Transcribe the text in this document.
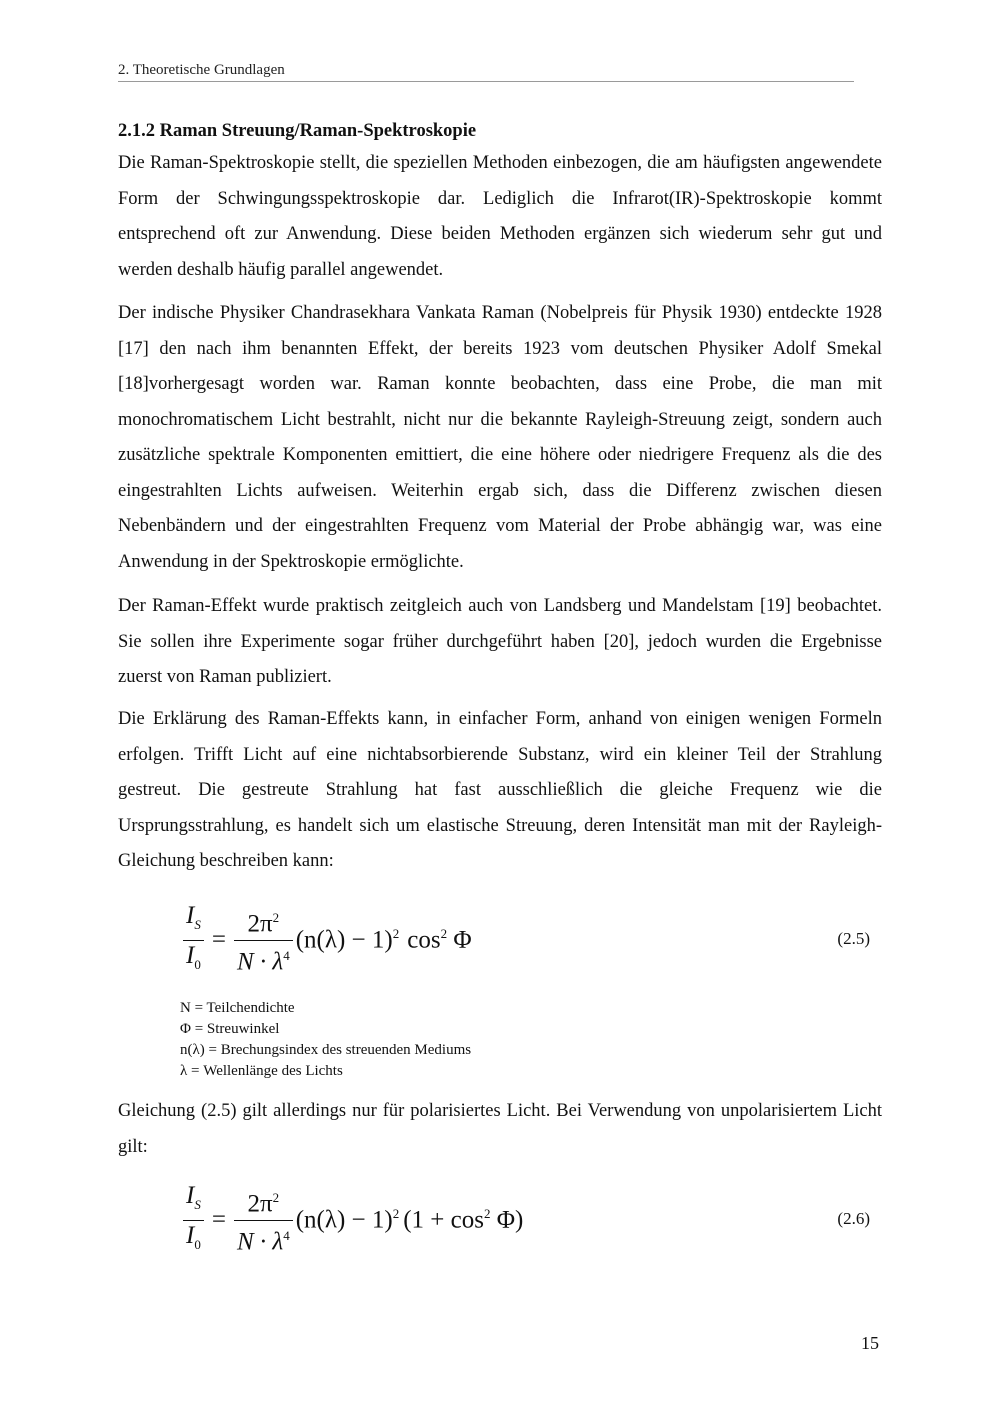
2. Theoretische Grundlagen
2.1.2 Raman Streuung/Raman-Spektroskopie

Die Raman-Spektroskopie stellt, die speziellen Methoden einbezogen, die am häufigsten angewendete Form der Schwingungsspektroskopie dar. Lediglich die Infrarot(IR)-Spektroskopie kommt entsprechend oft zur Anwendung. Diese beiden Methoden ergänzen sich wiederum sehr gut und werden deshalb häufig parallel angewendet.

Der indische Physiker Chandrasekhara Vankata Raman (Nobelpreis für Physik 1930) entdeckte 1928 [17] den nach ihm benannten Effekt, der bereits 1923 vom deutschen Physiker Adolf Smekal [18]vorhergesagt worden war. Raman konnte beobachten, dass eine Probe, die man mit monochromatischem Licht bestrahlt, nicht nur die bekannte Rayleigh-Streuung zeigt, sondern auch zusätzliche spektrale Komponenten emittiert, die eine höhere oder niedrigere Frequenz als die des eingestrahlten Lichts aufweisen. Weiterhin ergab sich, dass die Differenz zwischen diesen Nebenbändern und der eingestrahlten Frequenz vom Material der Probe abhängig war, was eine Anwendung in der Spektroskopie ermöglichte.

Der Raman-Effekt wurde praktisch zeitgleich auch von Landsberg und Mandelstam [19] beobachtet. Sie sollen ihre Experimente sogar früher durchgeführt haben [20], jedoch wurden die Ergebnisse zuerst von Raman publiziert.

Die Erklärung des Raman-Effekts kann, in einfacher Form, anhand von einigen wenigen Formeln erfolgen. Trifft Licht auf eine nichtabsorbierende Substanz, wird ein kleiner Teil der Strahlung gestreut. Die gestreute Strahlung hat fast ausschließlich die gleiche Frequenz wie die Ursprungsstrahlung, es handelt sich um elastische Streuung, deren Intensität man mit der Rayleigh-Gleichung beschreiben kann:

$\frac{I_S}{I_0} = \frac{2\pi^2}{N \cdot \lambda^4} (n(\lambda) - 1)^2$ $\cos^2 \Phi$	(2.5)
N = Teilchendichte
Φ = Streuwinkel
n(λ) = Brechungsindex des streuenden Mediums
λ = Wellenlänge des Lichts

Gleichung (2.5) gilt allerdings nur für polarisiertes Licht. Bei Verwendung von unpolarisiertem Licht gilt:

$\frac{I_S}{I_0} = \frac{2\pi^2}{N \cdot \lambda^4} (n(\lambda) - 1)^2$ $(1 + \cos^2 \Phi)$	(2.6)
15
